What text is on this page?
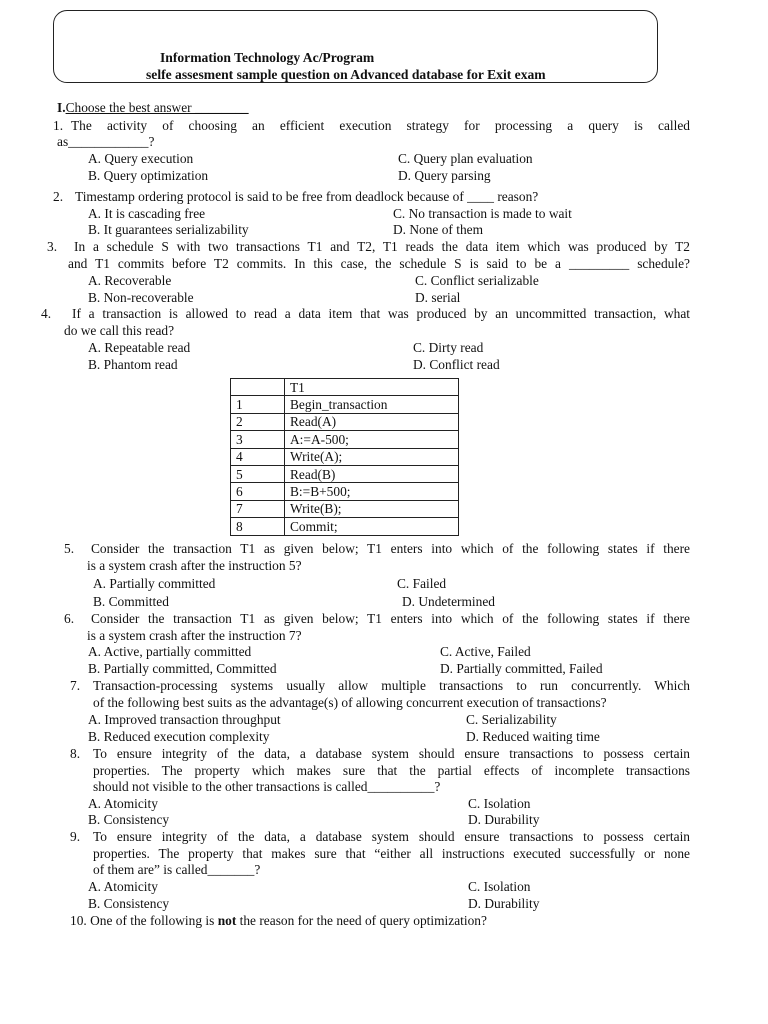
Information Technology Ac/Program
selfe assesment sample question on Advanced database for Exit exam
I.Choose the best answer ________
1. The activity of choosing an efficient execution strategy for processing a query is called
as____________?
A. Query execution
B. Query optimization
C. Query plan evaluation
D. Query parsing
2. Timestamp ordering protocol is said to be free from deadlock because of ____ reason?
A. It is cascading free
B. It guarantees serializability
C. No transaction is made to wait
D. None of them
3. In a schedule S with two transactions T1 and T2, T1 reads the data item which was produced by T2
and T1 commits before T2 commits. In this case, the schedule S is said to be a _________ schedule?
A. Recoverable
B. Non-recoverable
C. Conflict serializable
D. serial
4. If a transaction is allowed to read a data item that was produced by an uncommitted transaction, what
do we call this read?
A. Repeatable read
B. Phantom read
C. Dirty read
D. Conflict read
	T1
1	Begin_transaction
2	Read(A)
3	A:=A-500;
4	Write(A);
5	Read(B)
6	B:=B+500;
7	Write(B);
8	Commit;
5. Consider the transaction T1 as given below; T1 enters into which of the following states if there
is a system crash after the instruction 5?
A. Partially committed
B. Committed
C. Failed
D. Undetermined
6. Consider the transaction T1 as given below; T1 enters into which of the following states if there
is a system crash after the instruction 7?
A. Active, partially committed
B. Partially committed, Committed
C. Active, Failed
D. Partially committed, Failed
7. Transaction-processing systems usually allow multiple transactions to run concurrently. Which
of the following best suits as the advantage(s) of allowing concurrent execution of transactions?
A. Improved transaction throughput
B. Reduced execution complexity
C. Serializability
D. Reduced waiting time
8. To ensure integrity of the data, a database system should ensure transactions to possess certain
properties. The property which makes sure that the partial effects of incomplete transactions
should not visible to the other transactions is called__________?
A. Atomicity
B. Consistency
C. Isolation
D. Durability
9. To ensure integrity of the data, a database system should ensure transactions to possess certain
properties. The property that makes sure that “either all instructions executed successfully or none
of them are” is called_______?
A. Atomicity
B. Consistency
C. Isolation
D. Durability
10. One of the following is not the reason for the need of query optimization?
